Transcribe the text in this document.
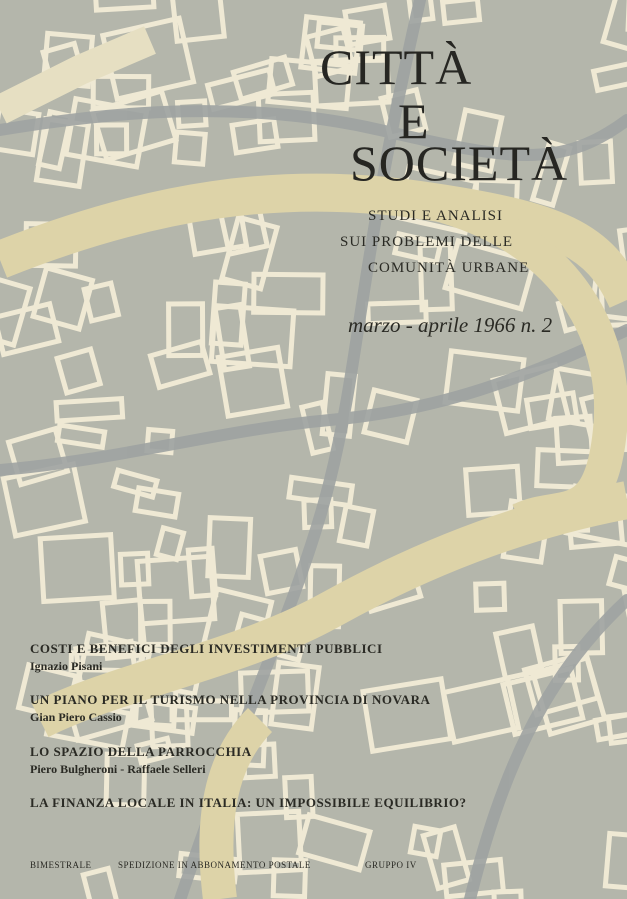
CITTÀ
E
SOCIETÀ
STUDI E ANALISI
SUI PROBLEMI DELLE
COMUNITÀ URBANE
marzo - aprile 1966 n. 2
COSTI E BENEFICI DEGLI INVESTIMENTI PUBBLICI
Ignazio Pisani
UN PIANO PER IL TURISMO NELLA PROVINCIA DI NOVARA
Gian Piero Cassio
LO SPAZIO DELLA PARROCCHIA
Piero Bulgheroni - Raffaele Selleri
LA FINANZA LOCALE IN ITALIA: UN IMPOSSIBILE EQUILIBRIO?
BIMESTRALE	SPEDIZIONE IN ABBONAMENTO POSTALE	GRUPPO IV
